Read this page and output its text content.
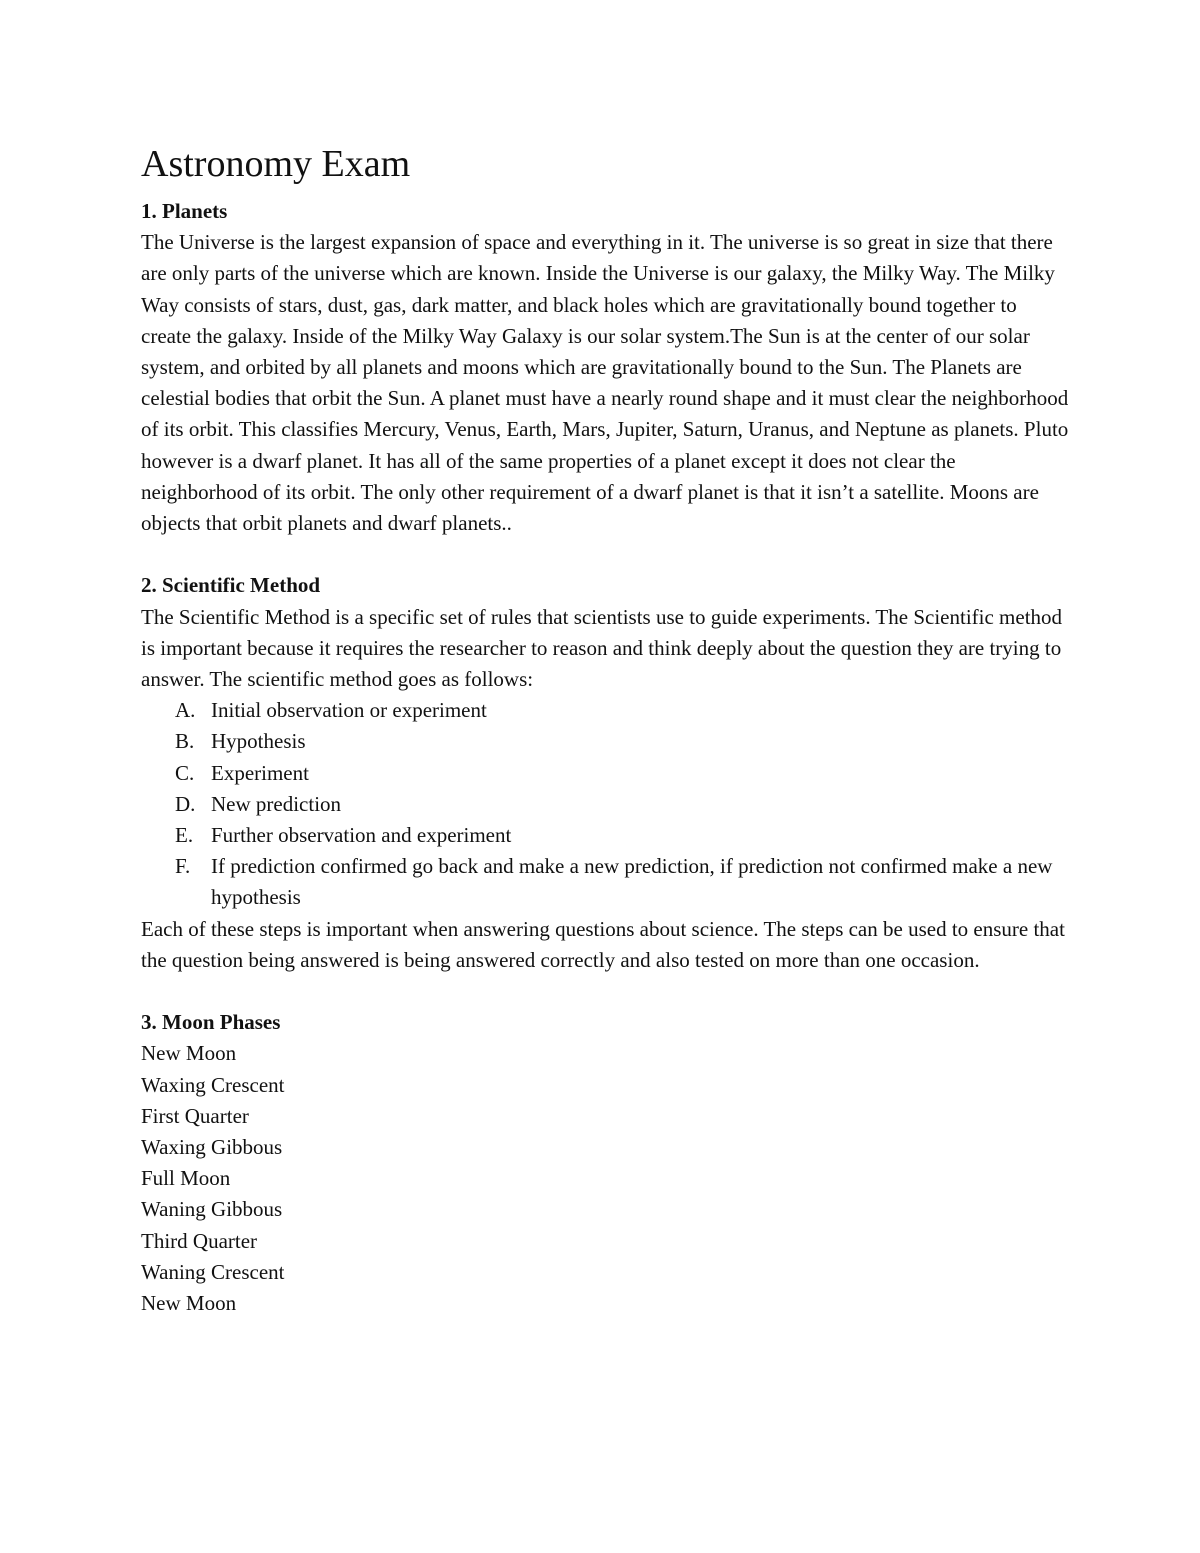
Astronomy Exam

1. Planets

The Universe is the largest expansion of space and everything in it. The universe is so great in size that there are only parts of the universe which are known. Inside the Universe is our galaxy, the Milky Way. The Milky Way consists of stars, dust, gas, dark matter, and black holes which are gravitationally bound together to create the galaxy. Inside of the Milky Way Galaxy is our solar system.The Sun is at the center of our solar system, and orbited by all planets and moons which are gravitationally bound to the Sun. The Planets are celestial bodies that orbit the Sun. A planet must have a nearly round shape and it must clear the neighborhood of its orbit. This classifies Mercury, Venus, Earth, Mars, Jupiter, Saturn, Uranus, and Neptune as planets. Pluto however is a dwarf planet. It has all of the same properties of a planet except it does not clear the neighborhood of its orbit. The only other requirement of a dwarf planet is that it isn’t a satellite. Moons are objects that orbit planets and dwarf planets..

2. Scientific Method

The Scientific Method is a specific set of rules that scientists use to guide experiments. The Scientific method is important because it requires the researcher to reason and think deeply about the question they are trying to answer. The scientific method goes as follows:

A. Initial observation or experiment
B. Hypothesis
C. Experiment
D. New prediction
E. Further observation and experiment
F. If prediction confirmed go back and make a new prediction, if prediction not confirmed make a new hypothesis

Each of these steps is important when answering questions about science. The steps can be used to ensure that the question being answered is being answered correctly and also tested on more than one occasion.

3. Moon Phases

New Moon
Waxing Crescent
First Quarter
Waxing Gibbous
Full Moon
Waning Gibbous
Third Quarter
Waning Crescent
New Moon
